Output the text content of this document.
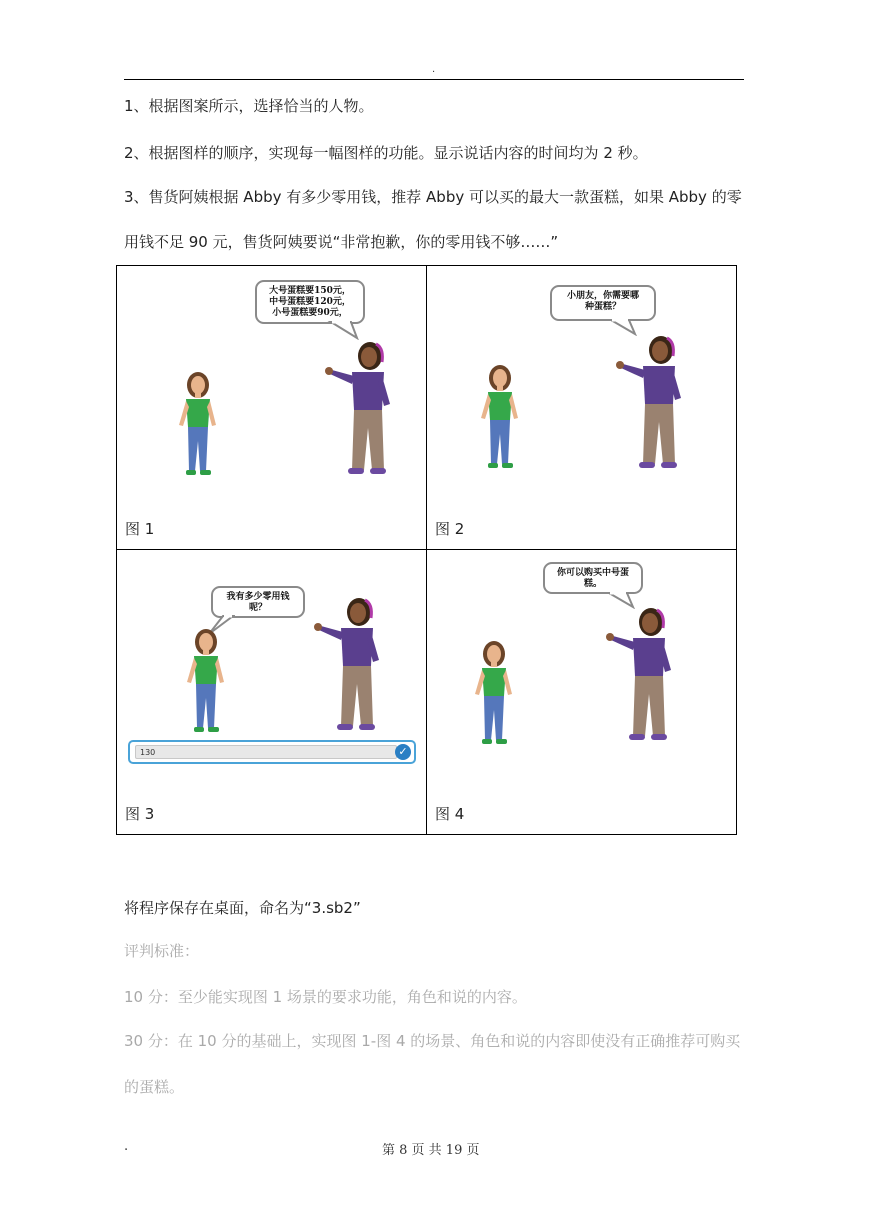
.
1、根据图案所示，选择恰当的人物。
2、根据图样的顺序，实现每一幅图样的功能。显示说话内容的时间均为 2 秒。
3、售货阿姨根据 Abby 有多少零用钱，推荐 Abby 可以买的最大一款蛋糕，如果 Abby 的零
用钱不足 90 元，售货阿姨要说“非常抱歉，你的零用钱不够……”
大号蛋糕要150元，
中号蛋糕要120元，
小号蛋糕要90元，
图 1
小朋友，你需要哪
种蛋糕？
图 2
我有多少零用钱
呢？
130	✓
图 3
你可以购买中号蛋
糕。
图 4
将程序保存在桌面，命名为“3.sb2”
评判标准：
10 分：至少能实现图 1 场景的要求功能，角色和说的内容。
30 分：在 10 分的基础上，实现图 1-图 4 的场景、角色和说的内容即使没有正确推荐可购买
的蛋糕。
.	第 8 页 共 19 页
